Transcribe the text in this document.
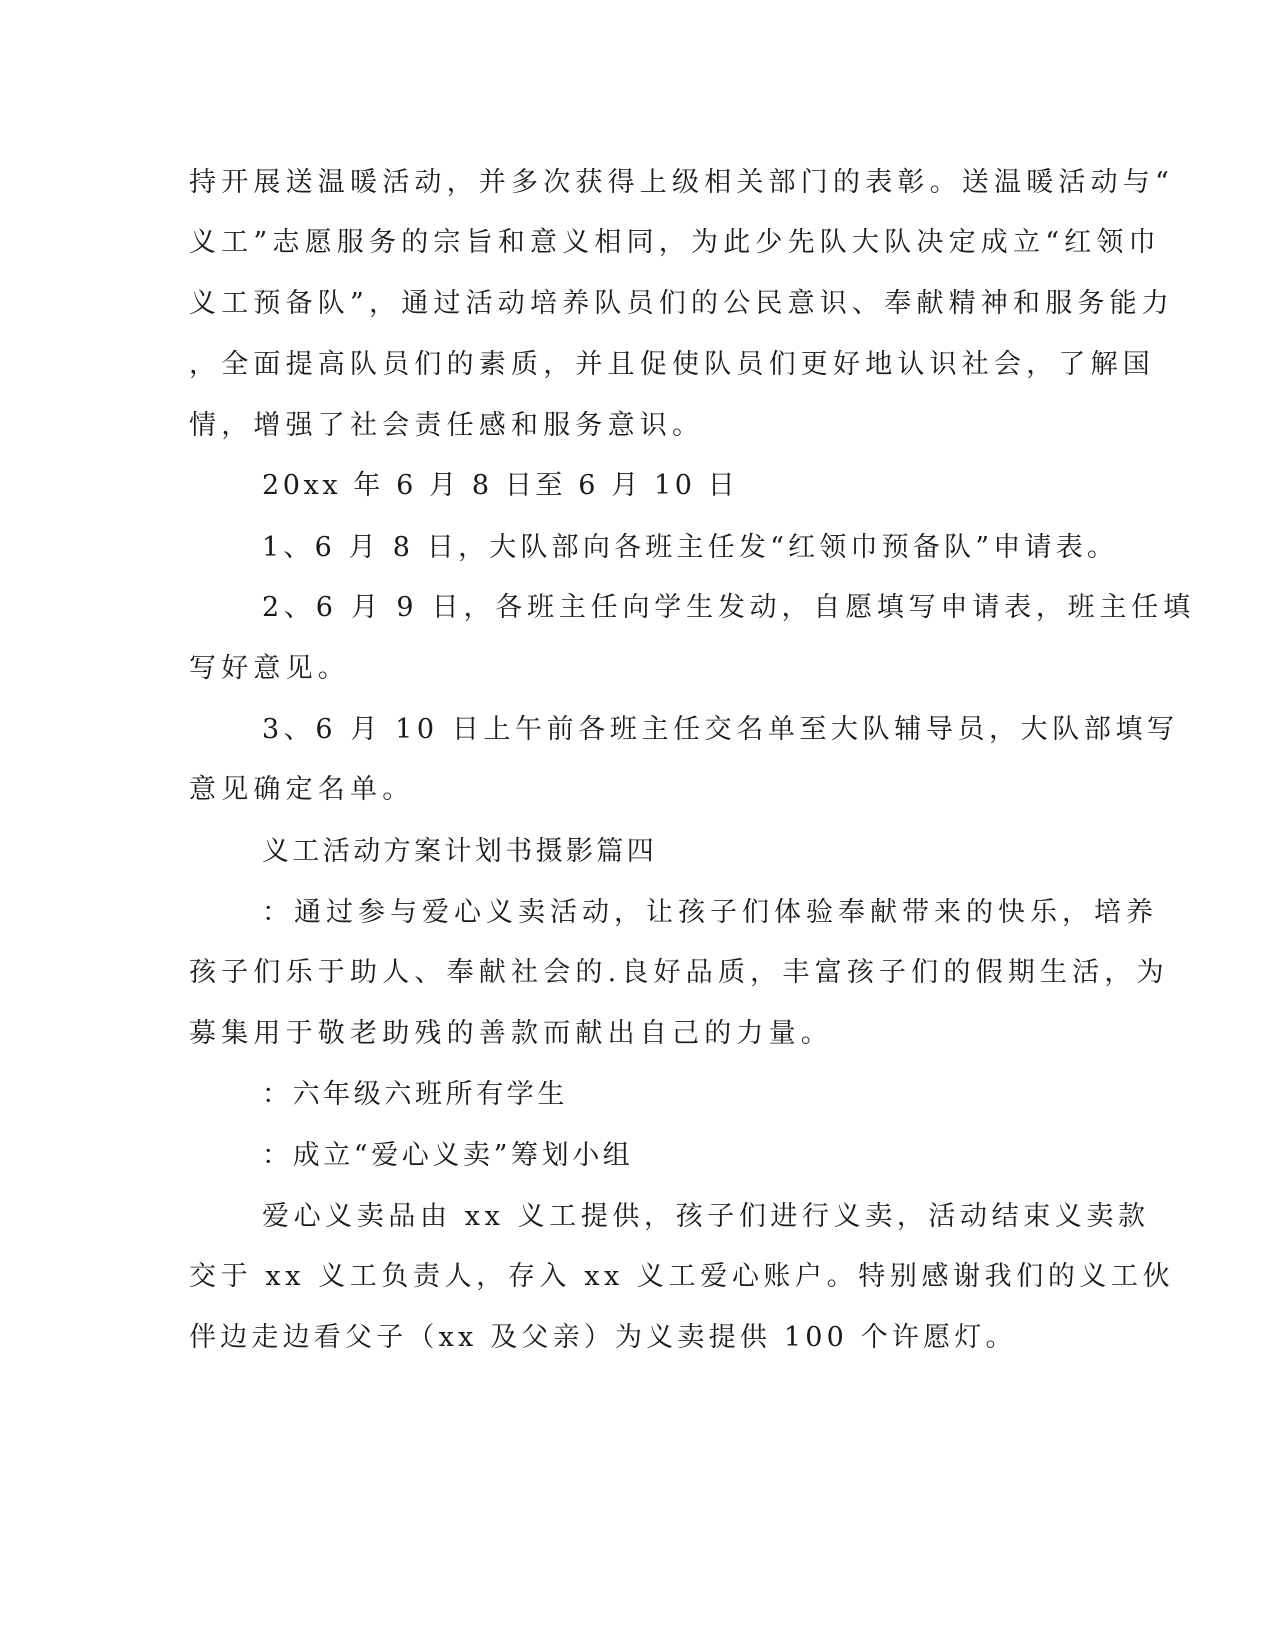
持开展送温暖活动，并多次获得上级相关部门的表彰。送温暖活动与“
义工”志愿服务的宗旨和意义相同，为此少先队大队决定成立“红领巾
义工预备队”，通过活动培养队员们的公民意识、奉献精神和服务能力
，全面提高队员们的素质，并且促使队员们更好地认识社会，了解国
情，增强了社会责任感和服务意识。
20xx 年 6 月 8 日至 6 月 10 日
1、6 月 8 日，大队部向各班主任发“红领巾预备队”申请表。
2、6 月 9 日，各班主任向学生发动，自愿填写申请表，班主任填
写好意见。
3、6 月 10 日上午前各班主任交名单至大队辅导员，大队部填写
意见确定名单。
义工活动方案计划书摄影篇四
：通过参与爱心义卖活动，让孩子们体验奉献带来的快乐，培养
孩子们乐于助人、奉献社会的.良好品质，丰富孩子们的假期生活，为
募集用于敬老助残的善款而献出自己的力量。
：六年级六班所有学生
：成立“爱心义卖”筹划小组
爱心义卖品由 xx 义工提供，孩子们进行义卖，活动结束义卖款
交于 xx 义工负责人，存入 xx 义工爱心账户。特别感谢我们的义工伙
伴边走边看父子（xx 及父亲）为义卖提供 100 个许愿灯。
